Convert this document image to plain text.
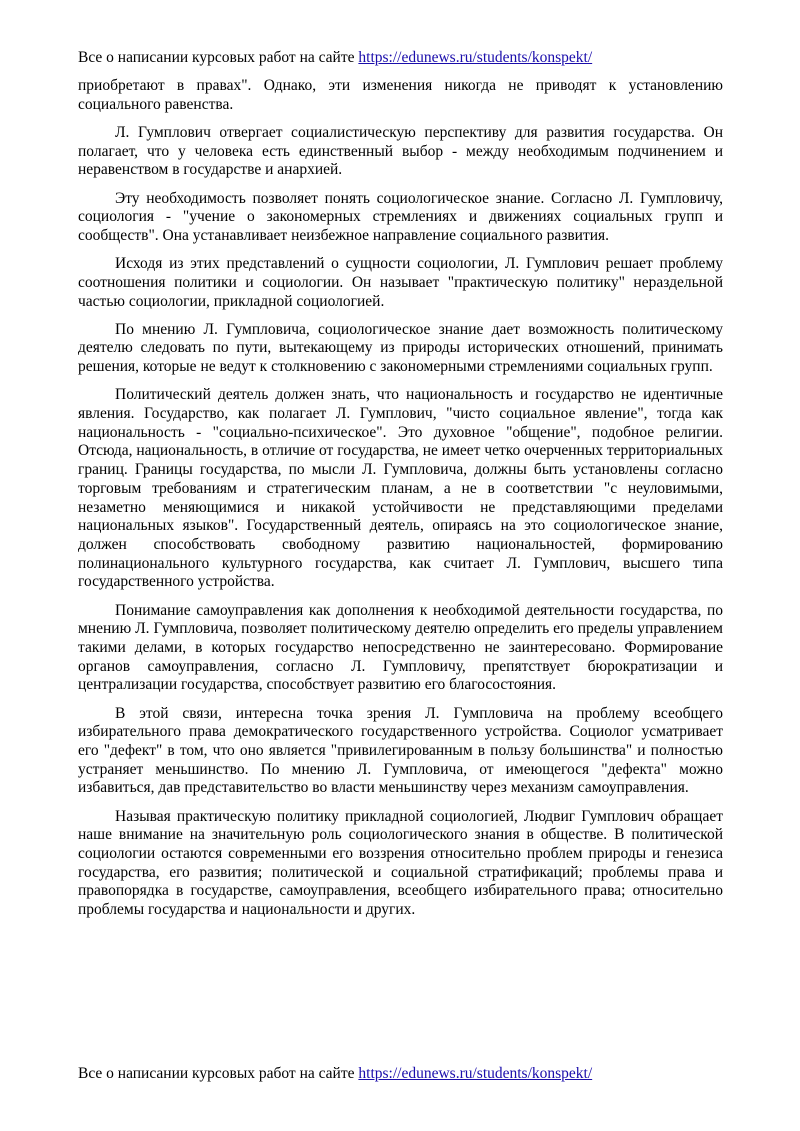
Все о написании курсовых работ на сайте https://edunews.ru/students/konspekt/

приобретают в правах". Однако, эти изменения никогда не приводят к установлению социального равенства.

Л. Гумплович отвергает социалистическую перспективу для развития государства. Он полагает, что у человека есть единственный выбор - между необходимым подчинением и неравенством в государстве и анархией.

Эту необходимость позволяет понять социологическое знание. Согласно Л. Гумпловичу, социология - "учение о закономерных стремлениях и движениях социальных групп и сообществ". Она устанавливает неизбежное направление социального развития.

Исходя из этих представлений о сущности социологии, Л. Гумплович решает проблему соотношения политики и социологии. Он называет "практическую политику" нераздельной частью социологии, прикладной социологией.

По мнению Л. Гумпловича, социологическое знание дает возможность политическому деятелю следовать по пути, вытекающему из природы исторических отношений, принимать решения, которые не ведут к столкновению с закономерными стремлениями социальных групп.

Политический деятель должен знать, что национальность и государство не идентичные явления. Государство, как полагает Л. Гумплович, "чисто социальное явление", тогда как национальность - "социально-психическое". Это духовное "общение", подобное религии. Отсюда, национальность, в отличие от государства, не имеет четко очерченных территориальных границ. Границы государства, по мысли Л. Гумпловича, должны быть установлены согласно торговым требованиям и стратегическим планам, а не в соответствии "с неуловимыми, незаметно меняющимися и никакой устойчивости не представляющими пределами национальных языков". Государственный деятель, опираясь на это социологическое знание, должен способствовать свободному развитию национальностей, формированию полинационального культурного государства, как считает Л. Гумплович, высшего типа государственного устройства.

Понимание самоуправления как дополнения к необходимой деятельности государства, по мнению Л. Гумпловича, позволяет политическому деятелю определить его пределы управлением такими делами, в которых государство непосредственно не заинтересовано. Формирование органов самоуправления, согласно Л. Гумпловичу, препятствует бюрократизации и централизации государства, способствует развитию его благосостояния.

В этой связи, интересна точка зрения Л. Гумпловича на проблему всеобщего избирательного права демократического государственного устройства. Социолог усматривает его "дефект" в том, что оно является "привилегированным в пользу большинства" и полностью устраняет меньшинство. По мнению Л. Гумпловича, от имеющегося "дефекта" можно избавиться, дав представительство во власти меньшинству через механизм самоуправления.

Называя практическую политику прикладной социологией, Людвиг Гумплович обращает наше внимание на значительную роль социологического знания в обществе. В политической социологии остаются современными его воззрения относительно проблем природы и генезиса государства, его развития; политической и социальной стратификаций; проблемы права и правопорядка в государстве, самоуправления, всеобщего избирательного права; относительно проблемы государства и национальности и других.

Все о написании курсовых работ на сайте https://edunews.ru/students/konspekt/
